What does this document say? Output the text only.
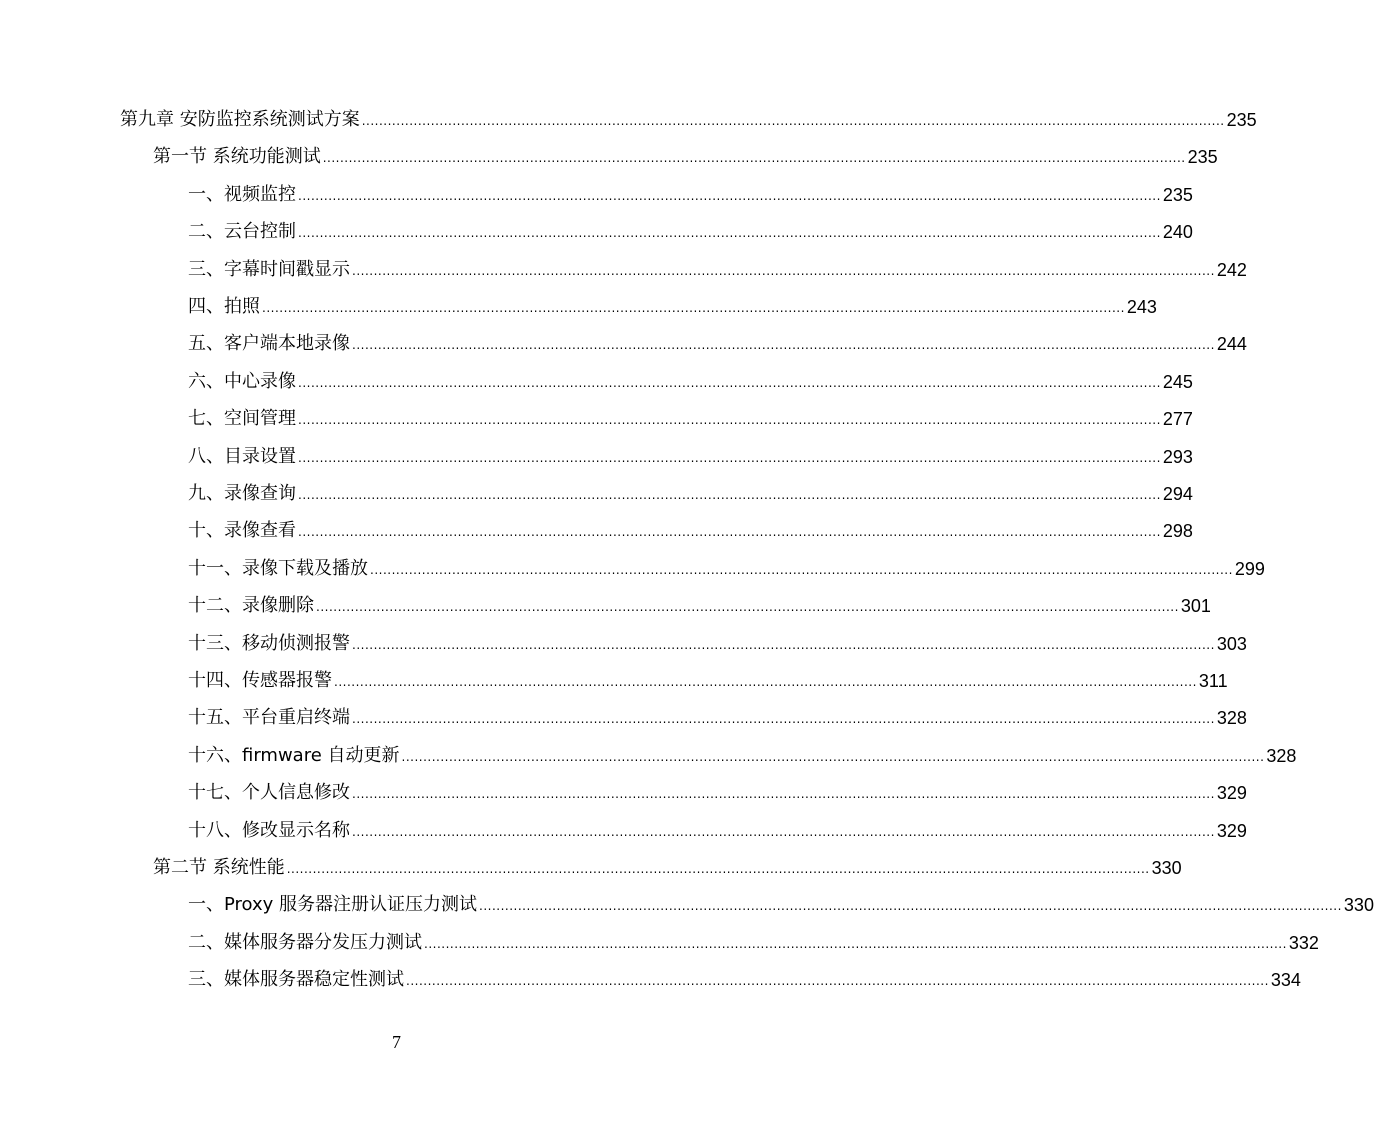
第九章 安防监控系统测试方案 ........................................................................................................................................................................................................ 235
第一节 系统功能测试 ........................................................................................................................................................................................................ 235
一、视频监控 ........................................................................................................................................................................................................ 235
二、云台控制 ........................................................................................................................................................................................................ 240
三、字幕时间戳显示 ........................................................................................................................................................................................................ 242
四、拍照 ........................................................................................................................................................................................................ 243
五、客户端本地录像 ........................................................................................................................................................................................................ 244
六、中心录像 ........................................................................................................................................................................................................ 245
七、空间管理 ........................................................................................................................................................................................................ 277
八、目录设置 ........................................................................................................................................................................................................ 293
九、录像查询 ........................................................................................................................................................................................................ 294
十、录像查看 ........................................................................................................................................................................................................ 298
十一、录像下载及播放 ........................................................................................................................................................................................................ 299
十二、录像删除 ........................................................................................................................................................................................................ 301
十三、移动侦测报警 ........................................................................................................................................................................................................ 303
十四、传感器报警 ........................................................................................................................................................................................................ 311
十五、平台重启终端 ........................................................................................................................................................................................................ 328
十六、firmware 自动更新 ........................................................................................................................................................................................................ 328
十七、个人信息修改 ........................................................................................................................................................................................................ 329
十八、修改显示名称 ........................................................................................................................................................................................................ 329
第二节 系统性能 ........................................................................................................................................................................................................ 330
一、Proxy 服务器注册认证压力测试 ........................................................................................................................................................................................................ 330
二、媒体服务器分发压力测试 ........................................................................................................................................................................................................ 332
三、媒体服务器稳定性测试 ........................................................................................................................................................................................................ 334
7
